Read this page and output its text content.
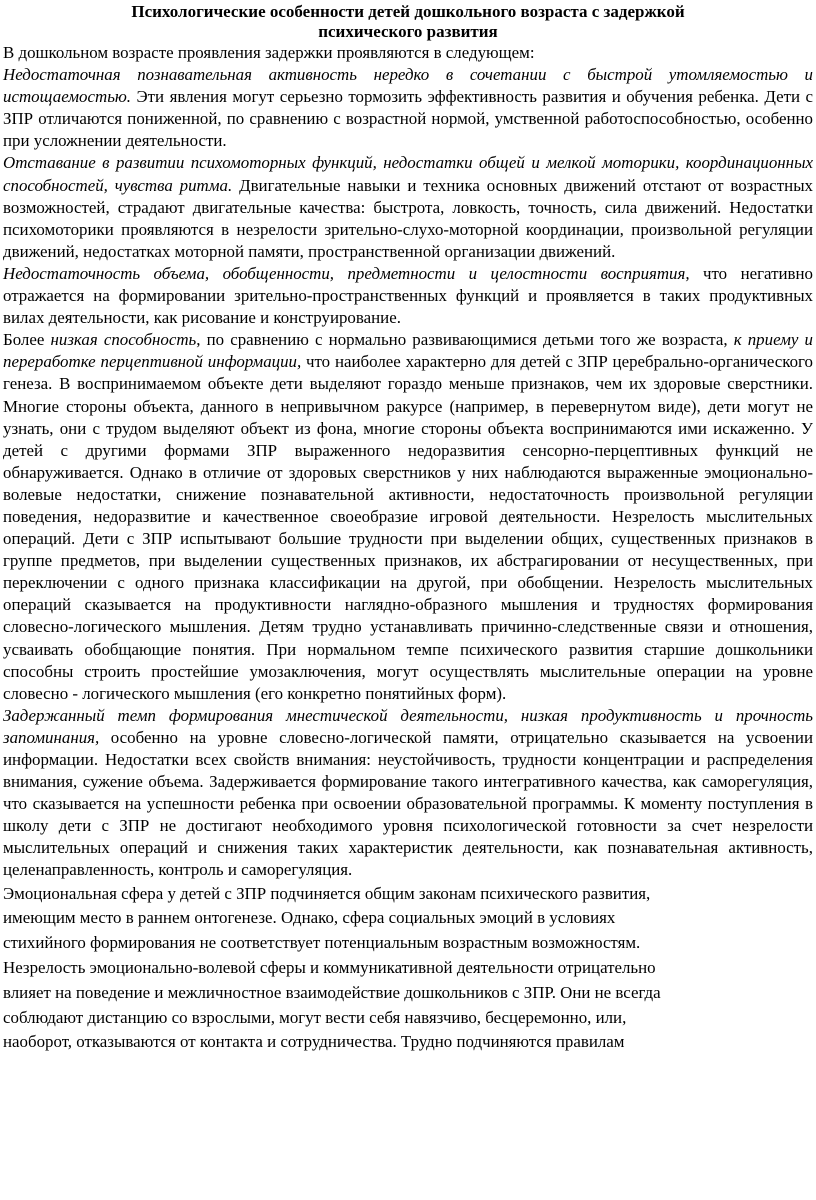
Психологические особенности детей дошкольного возраста с задержкой
психического развития

В дошкольном возрасте проявления задержки проявляются в следующем:

Недостаточная познавательная активность нередко в сочетании с быстрой утомляемостью и истощаемостью. Эти явления могут серьезно тормозить эффективность развития и обучения ребенка. Дети с ЗПР отличаются пониженной, по сравнению с возрастной нормой, умственной работоспособностью, особенно при усложнении деятельности.

Отставание в развитии психомоторных функций, недостатки общей и мелкой моторики, координационных способностей, чувства ритма. Двигательные навыки и техника основных движений отстают от возрастных возможностей, страдают двигательные качества: быстрота, ловкость, точность, сила движений. Недостатки психомоторики проявляются в незрелости зрительно-слухо-моторной координации, произвольной регуляции движений, недостатках моторной памяти, пространственной организации движений.

Недостаточность объема, обобщенности, предметности и целостности восприятия, что негативно отражается на формировании зрительно-пространственных функций и проявляется в таких продуктивных вилах деятельности, как рисование и конструирование.

Более низкая способность, по сравнению с нормально развивающимися детьми того же возраста, к приему и переработке перцептивной информации, что наиболее характерно для детей с ЗПР церебрально-органического генеза. В воспринимаемом объекте дети выделяют гораздо меньше признаков, чем их здоровые сверстники. Многие стороны объекта, данного в непривычном ракурсе (например, в перевернутом виде), дети могут не узнать, они с трудом выделяют объект из фона, многие стороны объекта воспринимаются ими искаженно. У детей с другими формами ЗПР выраженного недоразвития сенсорно-перцептивных функций не обнаруживается. Однако в отличие от здоровых сверстников у них наблюдаются выраженные эмоционально-волевые недостатки, снижение познавательной активности, недостаточность произвольной регуляции поведения, недоразвитие и качественное своеобразие игровой деятельности. Незрелость мыслительных операций. Дети с ЗПР испытывают большие трудности при выделении общих, существенных признаков в группе предметов, при выделении существенных признаков, их абстрагировании от несущественных, при переключении с одного признака классификации на другой, при обобщении. Незрелость мыслительных операций сказывается на продуктивности наглядно-образного мышления и трудностях формирования словесно-логического мышления. Детям трудно устанавливать причинно-следственные связи и отношения, усваивать обобщающие понятия. При нормальном темпе психического развития старшие дошкольники способны строить простейшие умозаключения, могут осуществлять мыслительные операции на уровне словесно - логического мышления (его конкретно понятийных форм).

Задержанный темп формирования мнестической деятельности, низкая продуктивность и прочность запоминания, особенно на уровне словесно-логической памяти, отрицательно сказывается на усвоении информации. Недостатки всех свойств внимания: неустойчивость, трудности концентрации и распределения внимания, сужение объема. Задерживается формирование такого интегративного качества, как саморегуляция, что сказывается на успешности ребенка при освоении образовательной программы. К моменту поступления в школу дети с ЗПР не достигают необходимого уровня психологической готовности за счет незрелости мыслительных операций и снижения таких характеристик деятельности, как познавательная активность, целенаправленность, контроль и саморегуляция.

Эмоциональная сфера у детей с ЗПР подчиняется общим законам психического развития,
имеющим место в раннем онтогенезе. Однако, сфера социальных эмоций в условиях
стихийного формирования не соответствует потенциальным возрастным возможностям.
Незрелость эмоционально-волевой сферы и коммуникативной деятельности отрицательно
влияет на поведение и межличностное взаимодействие дошкольников с ЗПР. Они не всегда
соблюдают дистанцию со взрослыми, могут вести себя навязчиво, бесцеремонно, или,
наоборот, отказываются от контакта и сотрудничества. Трудно подчиняются правилам
